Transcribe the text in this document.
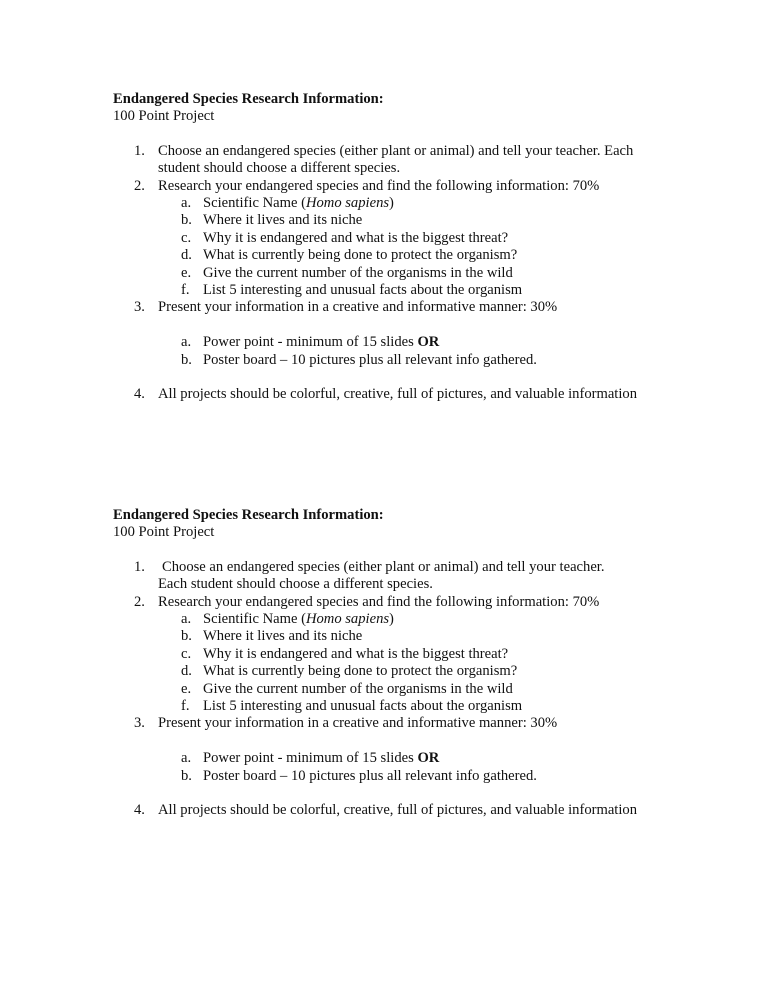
Endangered Species Research Information:
100 Point Project
1. Choose an endangered species (either plant or animal) and tell your teacher. Each
student should choose a different species.
2. Research your endangered species and find the following information: 70%
a. Scientific Name (Homo sapiens)
b. Where it lives and its niche
c. Why it is endangered and what is the biggest threat?
d. What is currently being done to protect the organism?
e. Give the current number of the organisms in the wild
f. List 5 interesting and unusual facts about the organism
3. Present your information in a creative and informative manner: 30%
a. Power point - minimum of 15 slides OR
b. Poster board – 10 pictures plus all relevant info gathered.
4. All projects should be colorful, creative, full of pictures, and valuable information
Endangered Species Research Information:
100 Point Project
1. Choose an endangered species (either plant or animal) and tell your teacher.
Each student should choose a different species.
2. Research your endangered species and find the following information: 70%
a. Scientific Name (Homo sapiens)
b. Where it lives and its niche
c. Why it is endangered and what is the biggest threat?
d. What is currently being done to protect the organism?
e. Give the current number of the organisms in the wild
f. List 5 interesting and unusual facts about the organism
3. Present your information in a creative and informative manner: 30%
a. Power point - minimum of 15 slides OR
b. Poster board – 10 pictures plus all relevant info gathered.
4. All projects should be colorful, creative, full of pictures, and valuable information
